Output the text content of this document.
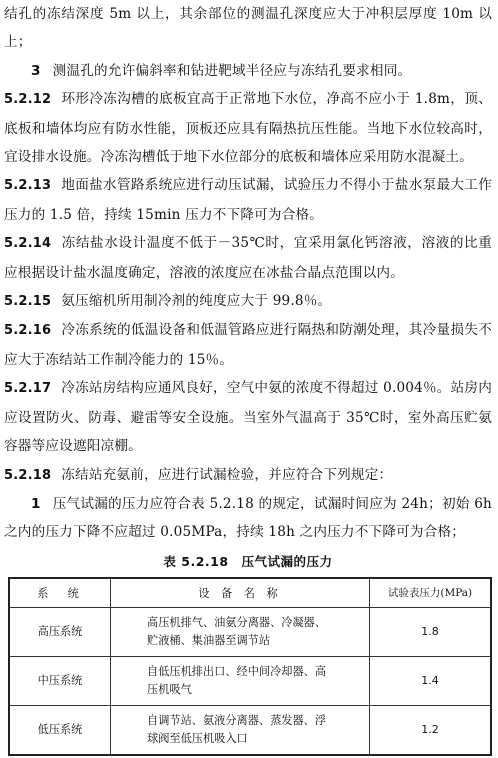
结孔的冻结深度 5m 以上，其余部位的测温孔深度应大于冲积层厚度 10m 以上；

3 测温孔的允许偏斜率和钻进靶域半径应与冻结孔要求相同。

5.2.12 环形冷冻沟槽的底板宜高于正常地下水位，净高不应小于 1.8m，顶、底板和墙体均应有防水性能，顶板还应具有隔热抗压性能。当地下水位较高时，宜设排水设施。冷冻沟槽低于地下水位部分的底板和墙体应采用防水混凝土。

5.2.13 地面盐水管路系统应进行动压试漏，试验压力不得小于盐水泵最大工作压力的 1.5 倍，持续 15min 压力不下降可为合格。

5.2.14 冻结盐水设计温度不低于－35℃时，宜采用氯化钙溶液，溶液的比重应根据设计盐水温度确定，溶液的浓度应在冰盐合晶点范围以内。

5.2.15 氨压缩机所用制冷剂的纯度应大于 99.8％。

5.2.16 冷冻系统的低温设备和低温管路应进行隔热和防潮处理，其冷量损失不应大于冻结站工作制冷能力的 15％。

5.2.17 冷冻站房结构应通风良好，空气中氨的浓度不得超过 0.004％。站房内应设置防火、防毒、避雷等安全设施。当室外气温高于 35℃时，室外高压贮氨容器等应设遮阳凉棚。

5.2.18 冻结站充氨前，应进行试漏检验，并应符合下列规定：

1 压气试漏的压力应符合表 5.2.18 的规定，试漏时间应为 24h；初始 6h 之内的压力下降不应超过 0.05MPa，持续 18h 之内压力不下降可为合格；

表 5.2.18　压气试漏的压力
系　统	设 备 名 称	试验表压力(MPa)
高压系统	高压机排气、油氨分离器、冷凝器、贮液桶、集油器至调节站	1.8
中压系统	自低压机排出口、经中间冷却器、高压机吸气	1.4
低压系统	自调节站、氨液分离器、蒸发器、浮球阀至低压机吸入口	1.2
